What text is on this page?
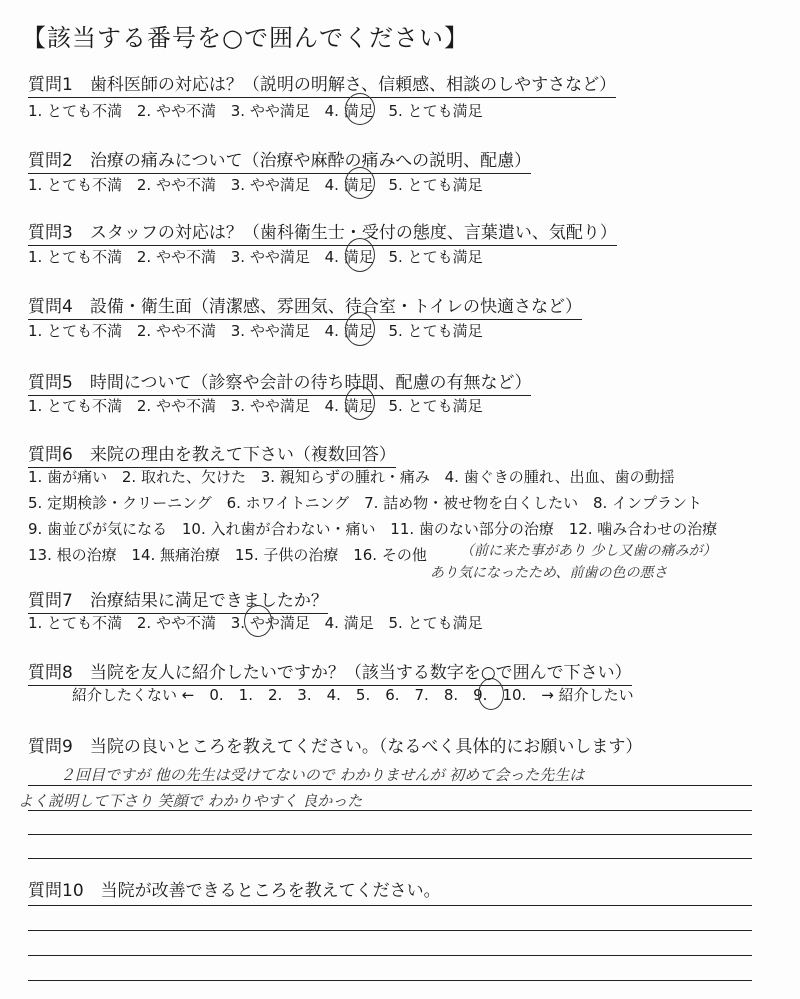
【該当する番号を○で囲んでください】
質問1　歯科医師の対応は？（説明の明解さ、信頼感、相談のしやすさなど）
1. とても不満 2. やや不満 3. やや満足 4. 満足 5. とても満足
質問2　治療の痛みについて（治療や麻酔の痛みへの説明、配慮）
1. とても不満 2. やや不満 3. やや満足 4. 満足 5. とても満足
質問3　スタッフの対応は？（歯科衛生士・受付の態度、言葉遣い、気配り）
1. とても不満 2. やや不満 3. やや満足 4. 満足 5. とても満足
質問4　設備・衛生面（清潔感、雰囲気、待合室・トイレの快適さなど）
1. とても不満 2. やや不満 3. やや満足 4. 満足 5. とても満足
質問5　時間について（診察や会計の待ち時間、配慮の有無など）
1. とても不満 2. やや不満 3. やや満足 4. 満足 5. とても満足
質問6　来院の理由を教えて下さい（複数回答）
1. 歯が痛い 2. 取れた、欠けた 3. 親知らずの腫れ・痛み 4. 歯ぐきの腫れ、出血、歯の動揺
5. 定期検診・クリーニング 6. ホワイトニング 7. 詰め物・被せ物を白くしたい 8. インプラント
9. 歯並びが気になる 10. 入れ歯が合わない・痛い 11. 歯のない部分の治療 12. 噛み合わせの治療
13. 根の治療 14. 無痛治療 15. 子供の治療 16. その他	（前に来た事があり 少し又歯の痛みが）
あり気になったため、前歯の色の悪さ
質問7　治療結果に満足できましたか？
1. とても不満 2. やや不満 3. やや満足 4. 満足 5. とても満足
質問8　当院を友人に紹介したいですか？（該当する数字を○で囲んで下さい）
紹介したくない ←　0.　1.　2.　3.　4.　5.　6.　7.　8.　9.　10.　→ 紹介したい
質問9　当院の良いところを教えてください。（なるべく具体的にお願いします）
２回目ですが 他の先生は受けてないので わかりませんが 初めて会った先生は
よく説明して下さり 笑顔で わかりやすく 良かった
質問10　当院が改善できるところを教えてください。
